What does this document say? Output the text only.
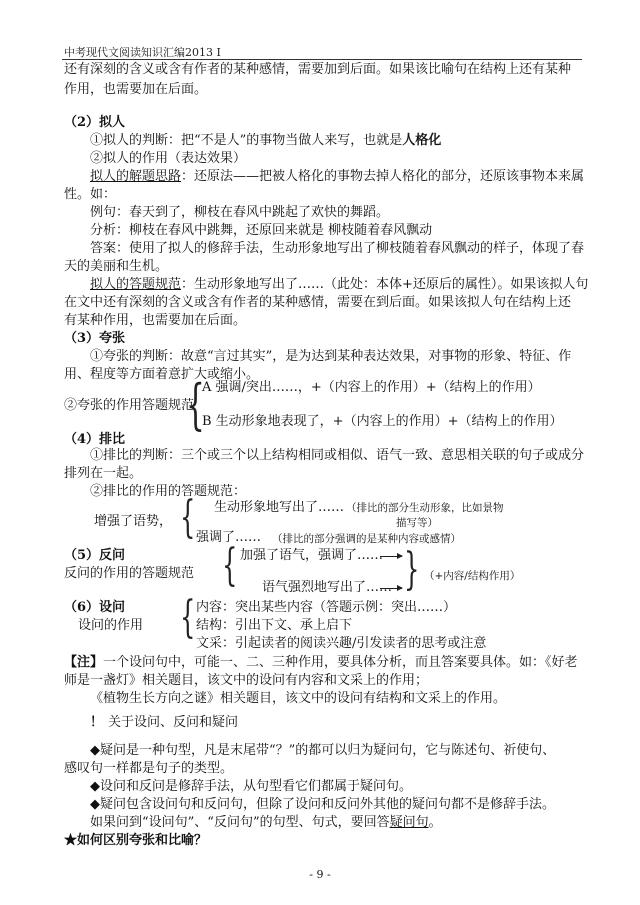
中考现代文阅读知识汇编2013 Ⅰ
还有深刻的含义或含有作者的某种感情，需要加到后面。如果该比喻句在结构上还有某种
作用，也需要加在后面。
（2）拟人
①拟人的判断：把“不是人”的事物当做人来写，也就是人格化
②拟人的作用（表达效果）
拟人的解题思路：还原法——把被人格化的事物去掉人格化的部分，还原该事物本来属
性。如：
例句：春天到了，柳枝在春风中跳起了欢快的舞蹈。
分析：柳枝在春风中跳舞，还原回来就是 柳枝随着春风飘动
答案：使用了拟人的修辞手法，生动形象地写出了柳枝随着春风飘动的样子，体现了春
天的美丽和生机。
拟人的答题规范：生动形象地写出了……（此处：本体+还原后的属性）。如果该拟人句
在文中还有深刻的含义或含有作者的某种感情，需要在到后面。如果该拟人句在结构上还
有某种作用，也需要加在后面。
（3）夸张
①夸张的判断：故意“言过其实”，是为达到某种表达效果，对事物的形象、特征、作
用、程度等方面着意扩大或缩小。
A 强调/突出……，+（内容上的作用）+（结构上的作用）
②夸张的作用答题规范
{
B 生动形象地表现了，+（内容上的作用）+（结构上的作用）
（4）排比
①排比的判断：三个或三个以上结构相同或相似、语气一致、意思相关联的句子或成分
排列在一起。
②排比的作用的答题规范：
生动形象地写出了…… （排比的部分生动形象，比如景物
描写等）
增强了语势， { 强调了…… （排比的部分强调的是某种内容或感情）
（5）反问	加强了语气，强调了……
反问的作用的答题规范 {	} （+内容/结构作用）
语气强烈地写出了……
（6）设问	内容：突出某些内容（答题示例：突出……）
设问的作用 { 结构：引出下文、承上启下
文采：引起读者的阅读兴趣/引发读者的思考或注意
【注】一个设问句中，可能一、二、三种作用，要具体分析，而且答案要具体。如：《好老
师是一盏灯》相关题目，该文中的设问有内容和文采上的作用；
《植物生长方向之谜》相关题目，该文中的设问有结构和文采上的作用。
！ 关于设问、反问和疑问
◆疑问是一种句型，凡是末尾带“？”的都可以归为疑问句，它与陈述句、祈使句、
感叹句一样都是句子的类型。
◆设问和反问是修辞手法，从句型看它们都属于疑问句。
◆疑问包含设问句和反问句，但除了设问和反问外其他的疑问句都不是修辞手法。
如果问到“设问句”、“反问句”的句型、句式，要回答疑问句。
★如何区别夸张和比喻？
- 9 -
